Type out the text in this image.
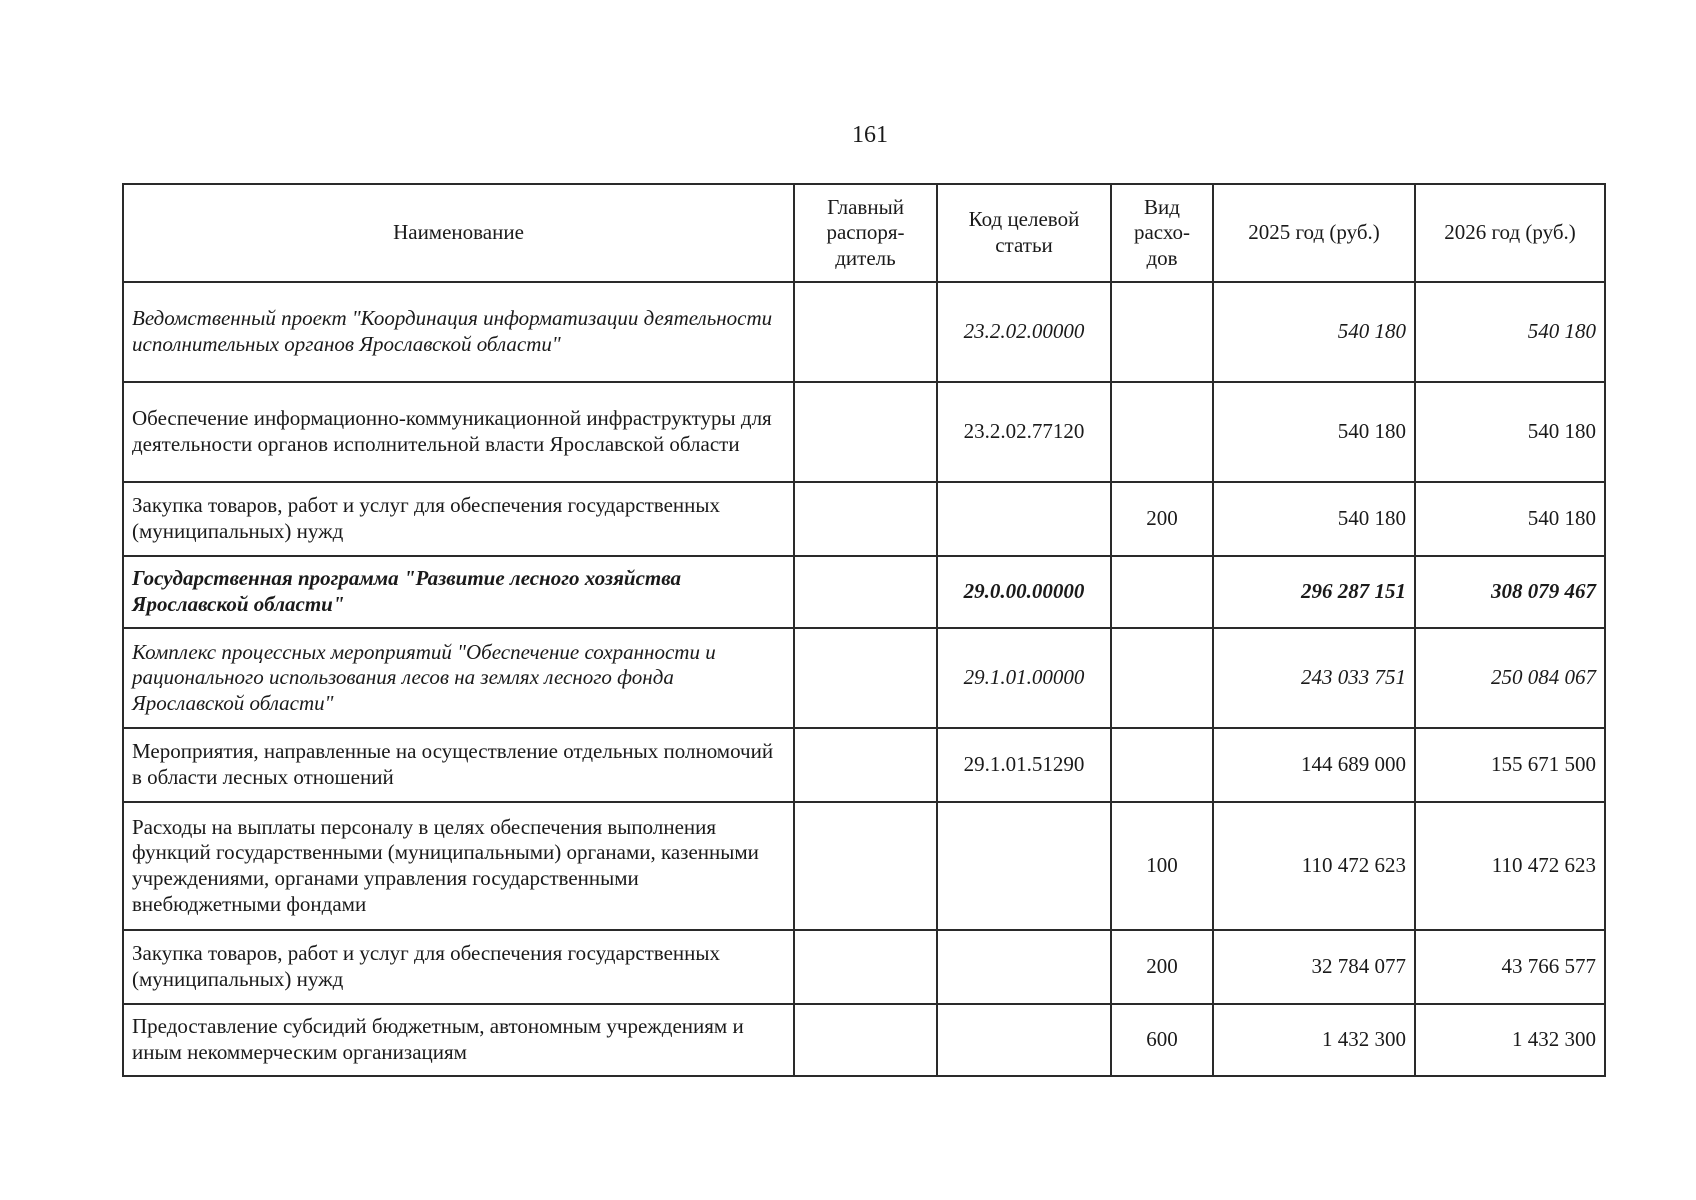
161
Наименование	Главный распоря-дитель	Код целевой статьи	Вид расхо-дов	2025 год (руб.)	2026 год (руб.)
Ведомственный проект "Координация информатизации деятельности исполнительных органов Ярославской области"		23.2.02.00000		540 180	540 180
Обеспечение информационно-коммуникационной инфраструктуры для деятельности органов исполнительной власти Ярославской области		23.2.02.77120		540 180	540 180
Закупка товаров, работ и услуг для обеспечения государственных (муниципальных) нужд			200	540 180	540 180
Государственная программа "Развитие лесного хозяйства Ярославской области"		29.0.00.00000		296 287 151	308 079 467
Комплекс процессных мероприятий "Обеспечение сохранности и рационального использования лесов на землях лесного фонда Ярославской области"		29.1.01.00000		243 033 751	250 084 067
Мероприятия, направленные на осуществление отдельных полномочий в области лесных отношений		29.1.01.51290		144 689 000	155 671 500
Расходы на выплаты персоналу в целях обеспечения выполнения функций государственными (муниципальными) органами, казенными учреждениями, органами управления государственными внебюджетными фондами			100	110 472 623	110 472 623
Закупка товаров, работ и услуг для обеспечения государственных (муниципальных) нужд			200	32 784 077	43 766 577
Предоставление субсидий бюджетным, автономным учреждениям и иным некоммерческим организациям			600	1 432 300	1 432 300
